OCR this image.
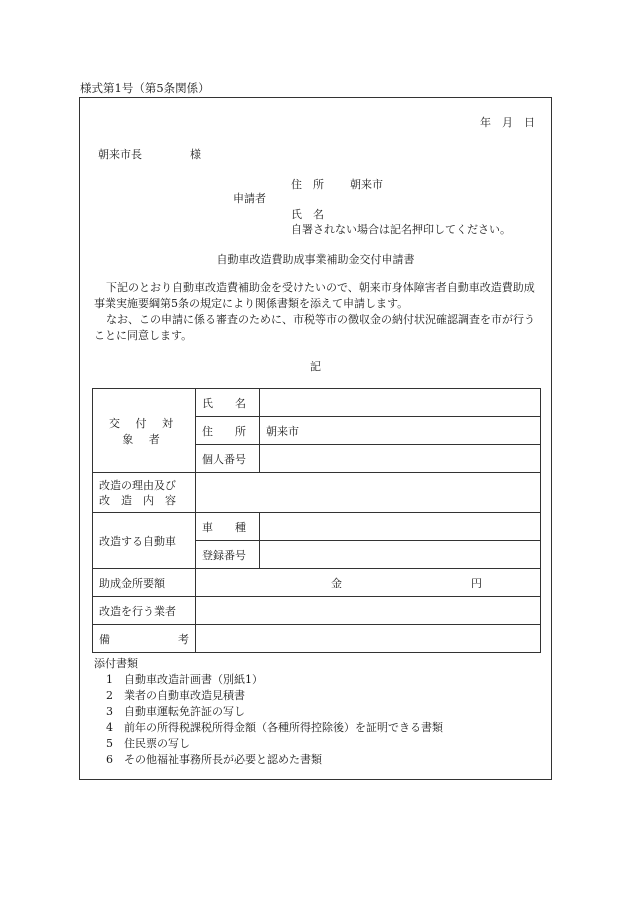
様式第1号（第5条関係）
年　月　日
朝来市長	様
申請者
住　所 朝来市
氏　名
自署されない場合は記名押印してください。
自動車改造費助成事業補助金交付申請書

下記のとおり自動車改造費補助金を受けたいので、朝来市身体障害者自動車改造費助成事業実施要綱第5条の規定により関係書類を添えて申請します。

なお、この申請に係る審査のために、市税等市の徴収金の納付状況確認調査を市が行うことに同意します。

記
交 付 対 象 者	氏　　名	
	住　　所	朝来市
	個人番号	

改造の理由及び
改　造　内　容		

改造する自動車	車　　種	
	登録番号	
助成金所要額	金 円	
改造を行う業者		
備 考		

添付書類
1 自動車改造計画書（別紙1）
2 業者の自動車改造見積書
3 自動車運転免許証の写し
4 前年の所得税課税所得金額（各種所得控除後）を証明できる書類
5 住民票の写し
6 その他福祉事務所長が必要と認めた書類
